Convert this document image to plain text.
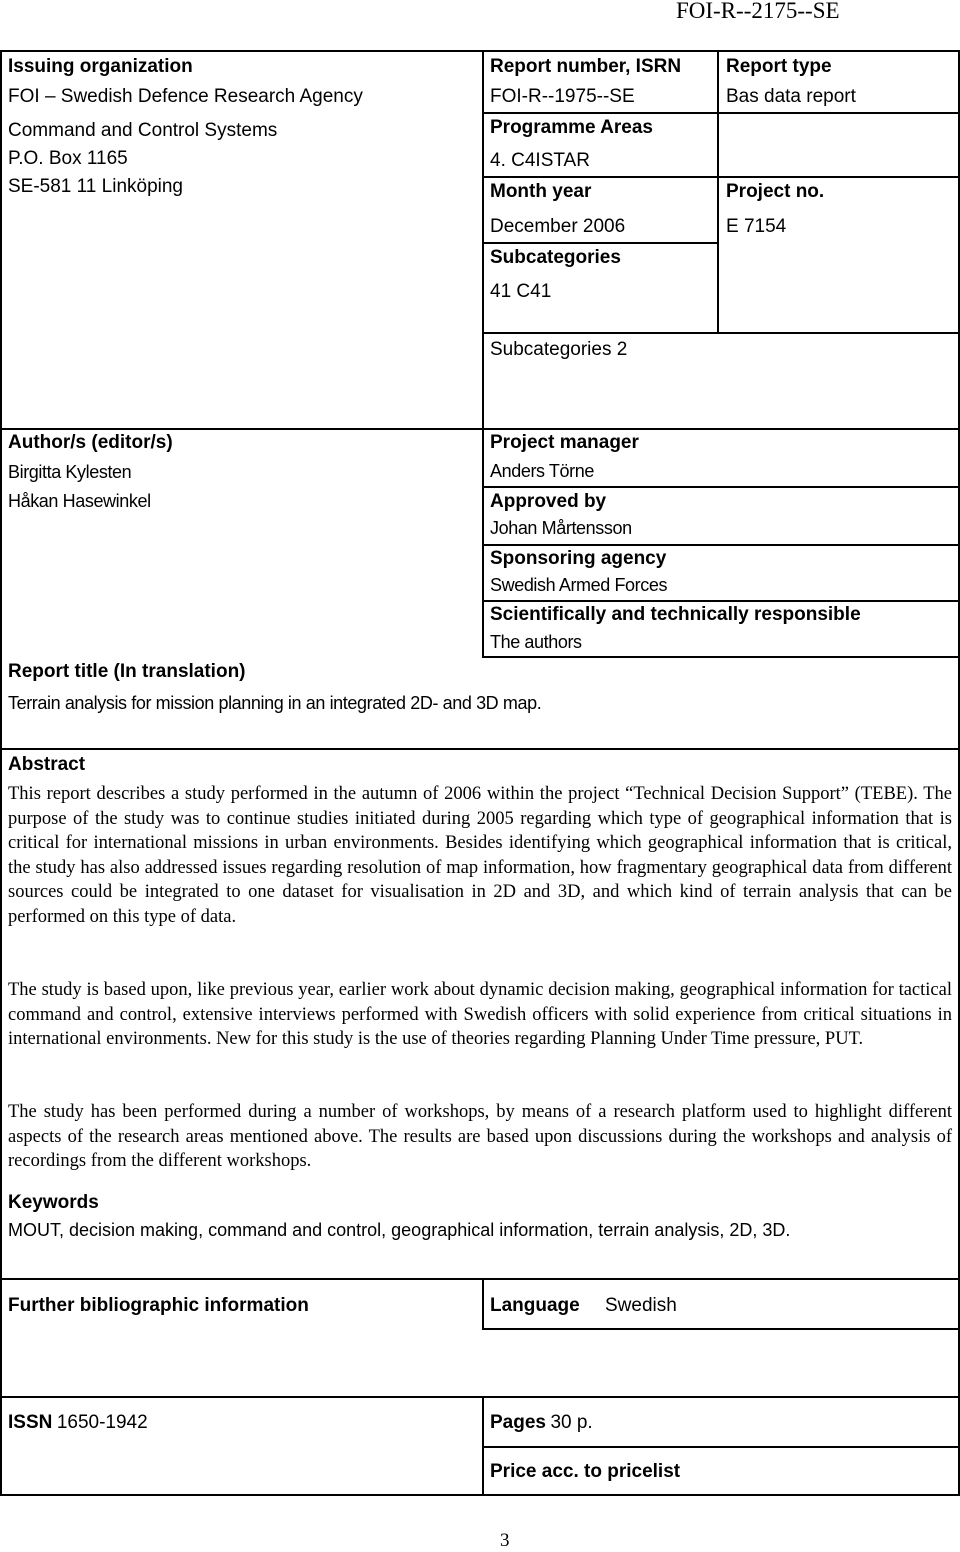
FOI-R--2175--SE
Issuing organization
FOI – Swedish Defence Research Agency
Command and Control Systems
P.O. Box 1165
SE-581 11 Linköping
Report number, ISRN
FOI-R--1975--SE
Report type
Bas data report
Programme Areas
4. C4ISTAR
Month year
December 2006
Project no.
E 7154
Subcategories
41 C41
Subcategories 2
Author/s (editor/s)
Birgitta Kylesten
Håkan Hasewinkel
Project manager
Anders Törne
Approved by
Johan Mårtensson
Sponsoring agency
Swedish Armed Forces
Scientifically and technically responsible
The authors
Report title (In translation)
Terrain analysis for mission planning in an integrated 2D- and 3D map.
Abstract

This report describes a study performed in the autumn of 2006 within the project “Technical Decision Support” (TEBE). The purpose of the study was to continue studies initiated during 2005 regarding which type of geographical information that is critical for international missions in urban environments. Besides identifying which geographical information that is critical, the study has also addressed issues regarding resolution of map information, how fragmentary geographical data from different sources could be integrated to one dataset for visualisation in 2D and 3D, and which kind of terrain analysis that can be performed on this type of data.

The study is based upon, like previous year, earlier work about dynamic decision making, geographical information for tactical command and control, extensive interviews performed with Swedish officers with solid experience from critical situations in international environments. New for this study is the use of theories regarding Planning Under Time pressure, PUT.

The study has been performed during a number of workshops, by means of a research platform used to highlight different aspects of the research areas mentioned above. The results are based upon discussions during the workshops and analysis of recordings from the different workshops.

Keywords
MOUT, decision making, command and control, geographical information, terrain analysis, 2D, 3D.
Further bibliographic information	Language Swedish
ISSN 1650-1942	Pages 30 p.
Price acc. to pricelist
3
